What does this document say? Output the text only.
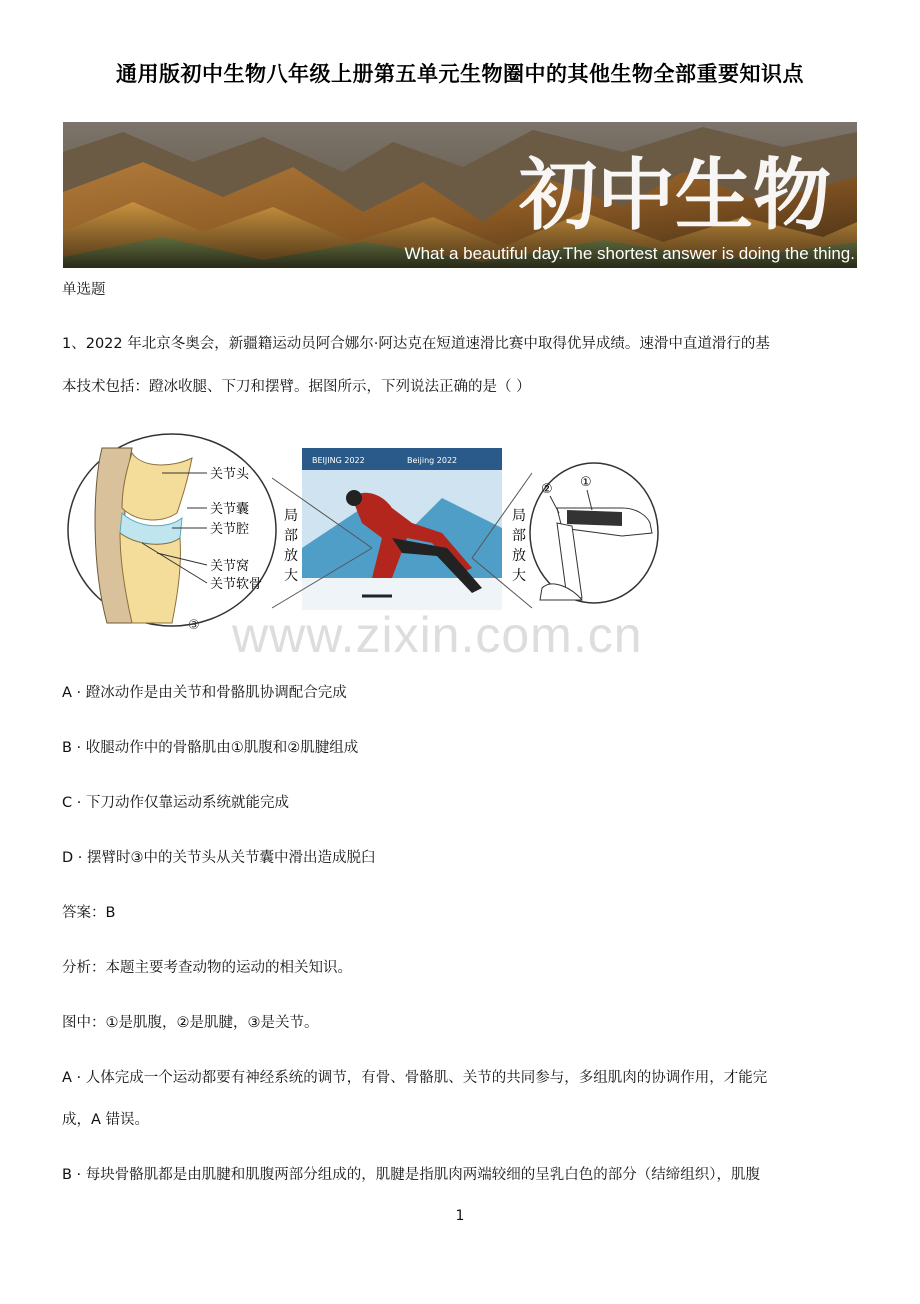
通用版初中生物八年级上册第五单元生物圈中的其他生物全部重要知识点
初中生物
What a beautiful day.The shortest answer is doing the thing.
单选题
1、2022 年北京冬奥会，新疆籍运动员阿合娜尔·阿达克在短道速滑比赛中取得优异成绩。速滑中直道滑行的基
本技术包括：蹬冰收腿、下刀和摆臂。据图所示，下列说法正确的是（ ）
关节头
关节囊
关节腔
关节窝
关节软骨
③
局
部
放
大
BEIJING 2022	Beijing 2022
局
部
放
大
①
②
www.zixin.com.cn
A · 蹬冰动作是由关节和骨骼肌协调配合完成
B · 收腿动作中的骨骼肌由①肌腹和②肌腱组成
C · 下刀动作仅靠运动系统就能完成
D · 摆臂时③中的关节头从关节囊中滑出造成脱臼
答案：B
分析：本题主要考查动物的运动的相关知识。
图中：①是肌腹，②是肌腱，③是关节。
A · 人体完成一个运动都要有神经系统的调节，有骨、骨骼肌、关节的共同参与，多组肌肉的协调作用，才能完
成，A 错误。
B · 每块骨骼肌都是由肌腱和肌腹两部分组成的，肌腱是指肌肉两端较细的呈乳白色的部分（结缔组织），肌腹
1
